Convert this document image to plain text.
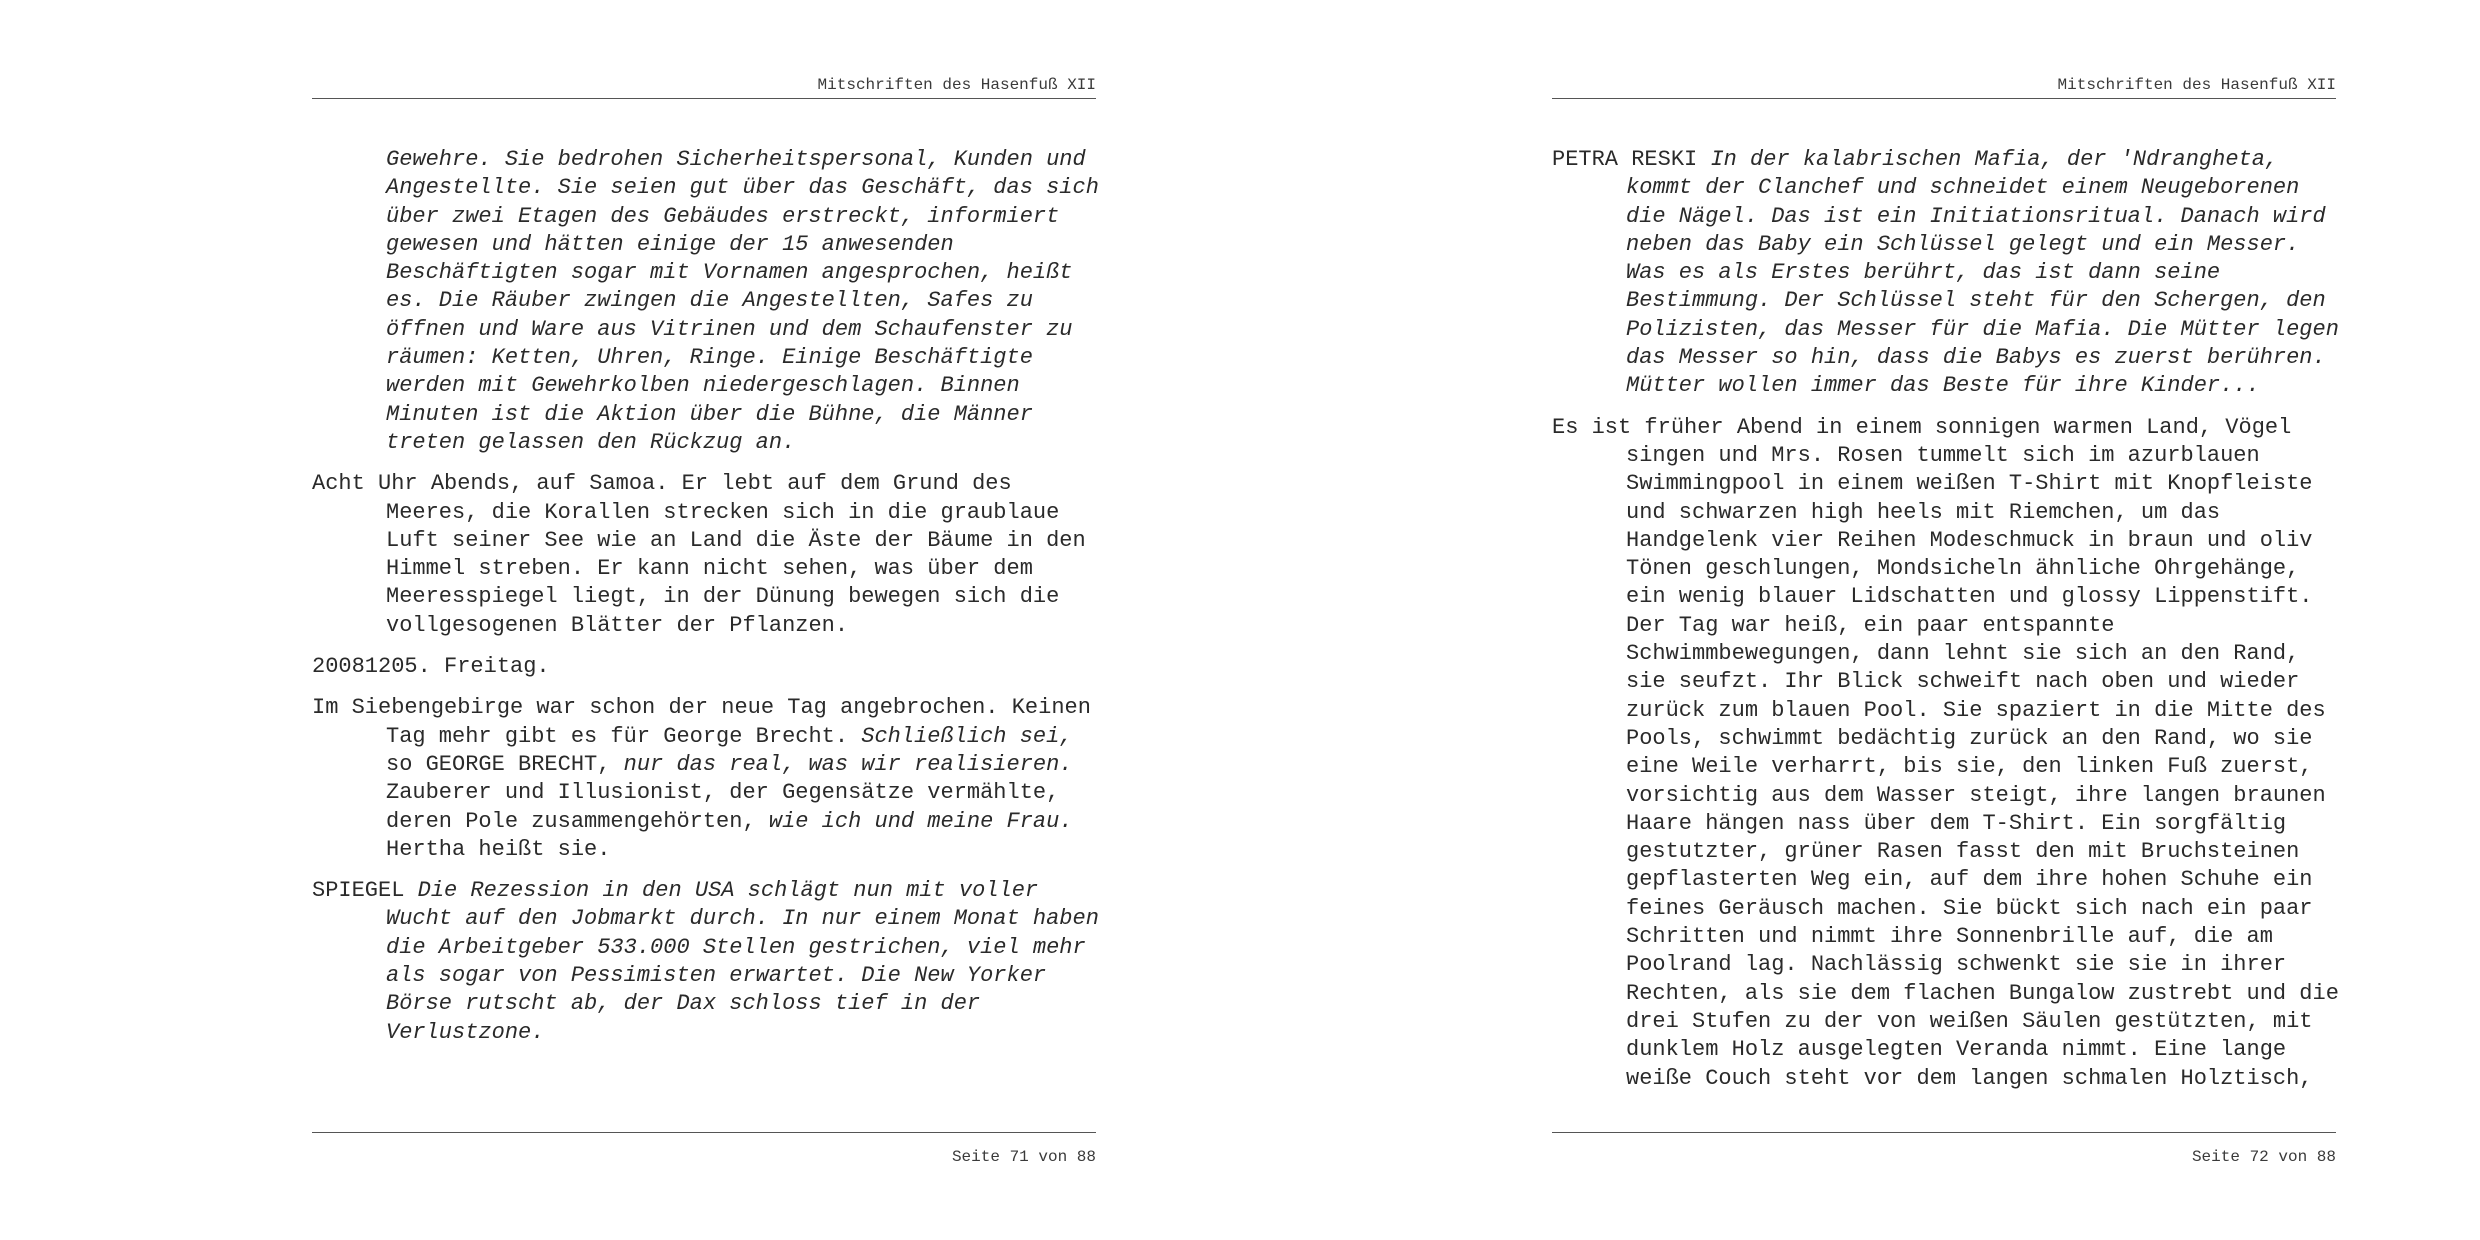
Mitschriften des Hasenfuß XII
Gewehre. Sie bedrohen Sicherheitspersonal, Kunden und
Angestellte. Sie seien gut über das Geschäft, das sich
über zwei Etagen des Gebäudes erstreckt, informiert
gewesen und hätten einige der 15 anwesenden
Beschäftigten sogar mit Vornamen angesprochen, heißt
es. Die Räuber zwingen die Angestellten, Safes zu
öffnen und Ware aus Vitrinen und dem Schaufenster zu
räumen: Ketten, Uhren, Ringe. Einige Beschäftigte
werden mit Gewehrkolben niedergeschlagen. Binnen
Minuten ist die Aktion über die Bühne, die Männer
treten gelassen den Rückzug an.
Acht Uhr Abends, auf Samoa. Er lebt auf dem Grund des
Meeres, die Korallen strecken sich in die graublaue
Luft seiner See wie an Land die Äste der Bäume in den
Himmel streben. Er kann nicht sehen, was über dem
Meeresspiegel liegt, in der Dünung bewegen sich die
vollgesogenen Blätter der Pflanzen.
20081205. Freitag.
Im Siebengebirge war schon der neue Tag angebrochen. Keinen
Tag mehr gibt es für George Brecht. Schließlich sei,
so GEORGE BRECHT, nur das real, was wir realisieren.
Zauberer und Illusionist, der Gegensätze vermählte,
deren Pole zusammengehörten, wie ich und meine Frau.
Hertha heißt sie.
SPIEGEL Die Rezession in den USA schlägt nun mit voller
Wucht auf den Jobmarkt durch. In nur einem Monat haben
die Arbeitgeber 533.000 Stellen gestrichen, viel mehr
als sogar von Pessimisten erwartet. Die New Yorker
Börse rutscht ab, der Dax schloss tief in der
Verlustzone.
Seite 71 von 88
Mitschriften des Hasenfuß XII
PETRA RESKI In der kalabrischen Mafia, der 'Ndrangheta,
kommt der Clanchef und schneidet einem Neugeborenen
die Nägel. Das ist ein Initiationsritual. Danach wird
neben das Baby ein Schlüssel gelegt und ein Messer.
Was es als Erstes berührt, das ist dann seine
Bestimmung. Der Schlüssel steht für den Schergen, den
Polizisten, das Messer für die Mafia. Die Mütter legen
das Messer so hin, dass die Babys es zuerst berühren.
Mütter wollen immer das Beste für ihre Kinder...
Es ist früher Abend in einem sonnigen warmen Land, Vögel
singen und Mrs. Rosen tummelt sich im azurblauen
Swimmingpool in einem weißen T-Shirt mit Knopfleiste
und schwarzen high heels mit Riemchen, um das
Handgelenk vier Reihen Modeschmuck in braun und oliv
Tönen geschlungen, Mondsicheln ähnliche Ohrgehänge,
ein wenig blauer Lidschatten und glossy Lippenstift.
Der Tag war heiß, ein paar entspannte
Schwimmbewegungen, dann lehnt sie sich an den Rand,
sie seufzt. Ihr Blick schweift nach oben und wieder
zurück zum blauen Pool. Sie spaziert in die Mitte des
Pools, schwimmt bedächtig zurück an den Rand, wo sie
eine Weile verharrt, bis sie, den linken Fuß zuerst,
vorsichtig aus dem Wasser steigt, ihre langen braunen
Haare hängen nass über dem T-Shirt. Ein sorgfältig
gestutzter, grüner Rasen fasst den mit Bruchsteinen
gepflasterten Weg ein, auf dem ihre hohen Schuhe ein
feines Geräusch machen. Sie bückt sich nach ein paar
Schritten und nimmt ihre Sonnenbrille auf, die am
Poolrand lag. Nachlässig schwenkt sie sie in ihrer
Rechten, als sie dem flachen Bungalow zustrebt und die
drei Stufen zu der von weißen Säulen gestützten, mit
dunklem Holz ausgelegten Veranda nimmt. Eine lange
weiße Couch steht vor dem langen schmalen Holztisch,
Seite 72 von 88
